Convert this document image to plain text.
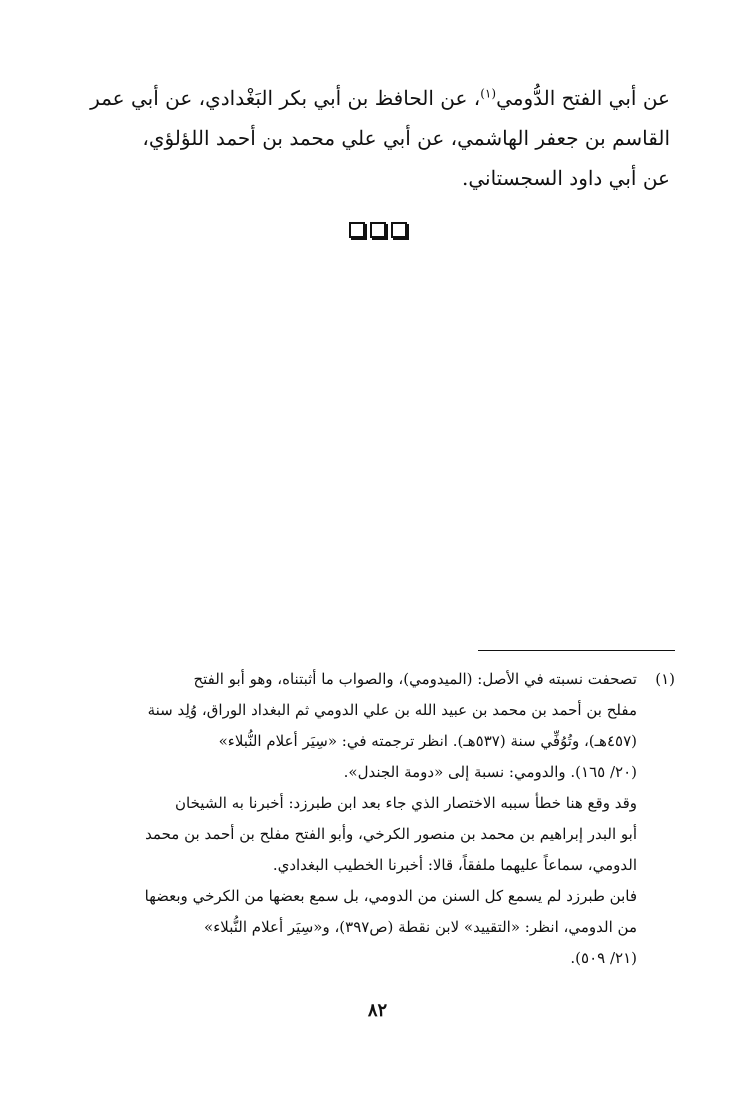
عن أبي الفتح الدُّومي$^{(١)}$، عن الحافظ بن أبي بكر البَغْدادي، عن أبي عمر
القاسم بن جعفر الهاشمي، عن أبي علي محمد بن أحمد اللؤلؤي،
عن أبي داود السجستاني.
(١)تصحفت نسبته في الأصل: (الميدومي)، والصواب ما أثبتناه، وهو أبو الفتح
مفلح بن أحمد بن محمد بن عبيد الله بن علي الدومي ثم البغداد الوراق، وُلِد سنة
(٤٥٧هـ)، وتُوُفِّي سنة (٥٣٧هـ). انظر ترجمته في: «سِيَر أعلام النُّبلاء»
(٢٠/ ١٦٥). والدومي: نسبة إلى «دومة الجندل».
وقد وقع هنا خطأ سببه الاختصار الذي جاء بعد ابن طبرزد: أخبرنا به الشيخان
أبو البدر إبراهيم بن محمد بن منصور الكرخي، وأبو الفتح مفلح بن أحمد بن محمد
الدومي، سماعاً عليهما ملفقاً، قالا: أخبرنا الخطيب البغدادي.
فابن طبرزد لم يسمع كل السنن من الدومي، بل سمع بعضها من الكرخي وبعضها
من الدومي، انظر: «التقييد» لابن نقطة (ص٣٩٧)، و«سِيَر أعلام النُّبلاء»
(٢١/ ٥٠٩).
٨٢
